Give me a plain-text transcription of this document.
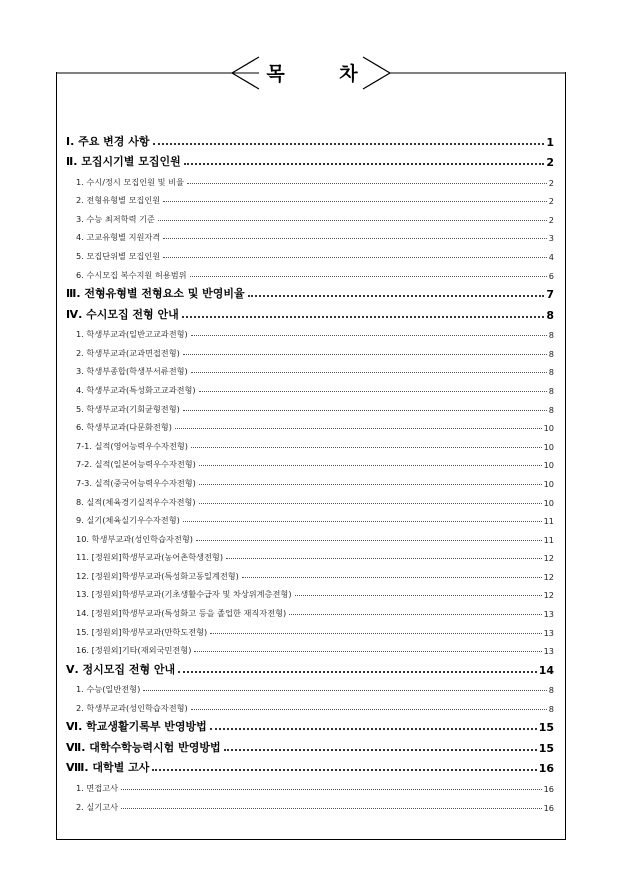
목 차
Ⅰ. 주요 변경 사항	1
Ⅱ. 모집시기별 모집인원	2
1. 수시/정시 모집인원 및 비율	2
2. 전형유형별 모집인원	2
3. 수능 최저학력 기준	2
4. 고교유형별 지원자격	3
5. 모집단위별 모집인원	4
6. 수시모집 복수지원 허용범위	6
Ⅲ. 전형유형별 전형요소 및 반영비율	7
Ⅳ. 수시모집 전형 안내	8
1. 학생부교과(일반고교과전형)	8
2. 학생부교과(교과면접전형)	8
3. 학생부종합(학생부서류전형)	8
4. 학생부교과(특성화고교과전형)	8
5. 학생부교과(기회균형전형)	8
6. 학생부교과(다문화전형)	10
7-1. 실적(영어능력우수자전형)	10
7-2. 실적(일본어능력우수자전형)	10
7-3. 실적(중국어능력우수자전형)	10
8. 실적(체육경기실적우수자전형)	10
9. 실기(체육실기우수자전형)	11
10. 학생부교과(성인학습자전형)	11
11. [정원외]학생부교과(농어촌학생전형)	12
12. [정원외]학생부교과(특성화고동일계전형)	12
13. [정원외]학생부교과(기초생활수급자 및 차상위계층전형)	12
14. [정원외]학생부교과(특성화고 등을 졸업한 재직자전형)	13
15. [정원외]학생부교과(만학도전형)	13
16. [정원외]기타(재외국민전형)	13
Ⅴ. 정시모집 전형 안내	14
1. 수능(일반전형)	8
2. 학생부교과(성인학습자전형)	8
Ⅵ. 학교생활기록부 반영방법	15
Ⅶ. 대학수학능력시험 반영방법	15
Ⅷ. 대학별 고사	16
1. 면접고사	16
2. 실기고사	16
